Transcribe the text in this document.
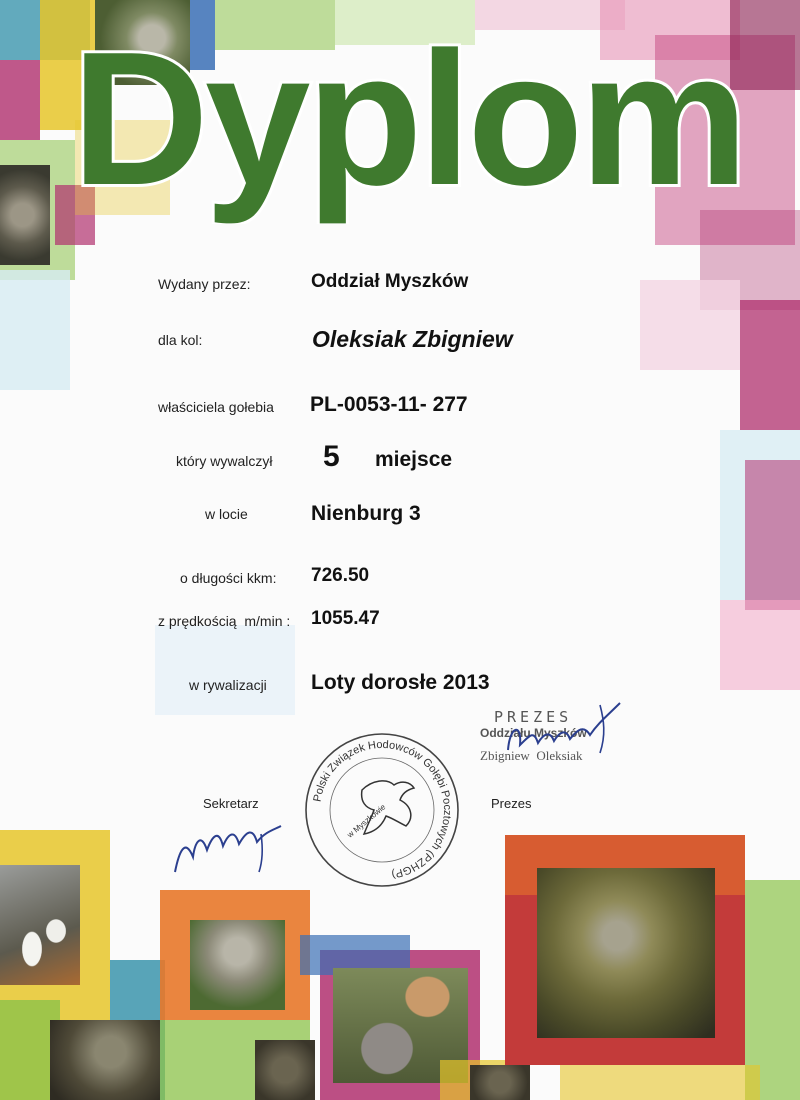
Dyplom
Wydany przez:	Oddział Myszków
dla kol:	Oleksiak Zbigniew
właściciela gołebia PL-0053-11- 277
który wywalczył 5 miejsce
w locie	Nienburg 3
o długości kkm: 726.50
z prędkością  m/min : 1055.47
w rywalizacji Loty dorosłe 2013
PREZES
Oddziału Myszków
Zbigniew  Oleksiak
Sekretarz	Prezes
Polski Związek Hodowców Gołębi Pocztowych (PZHGP)
w Myszkowie
